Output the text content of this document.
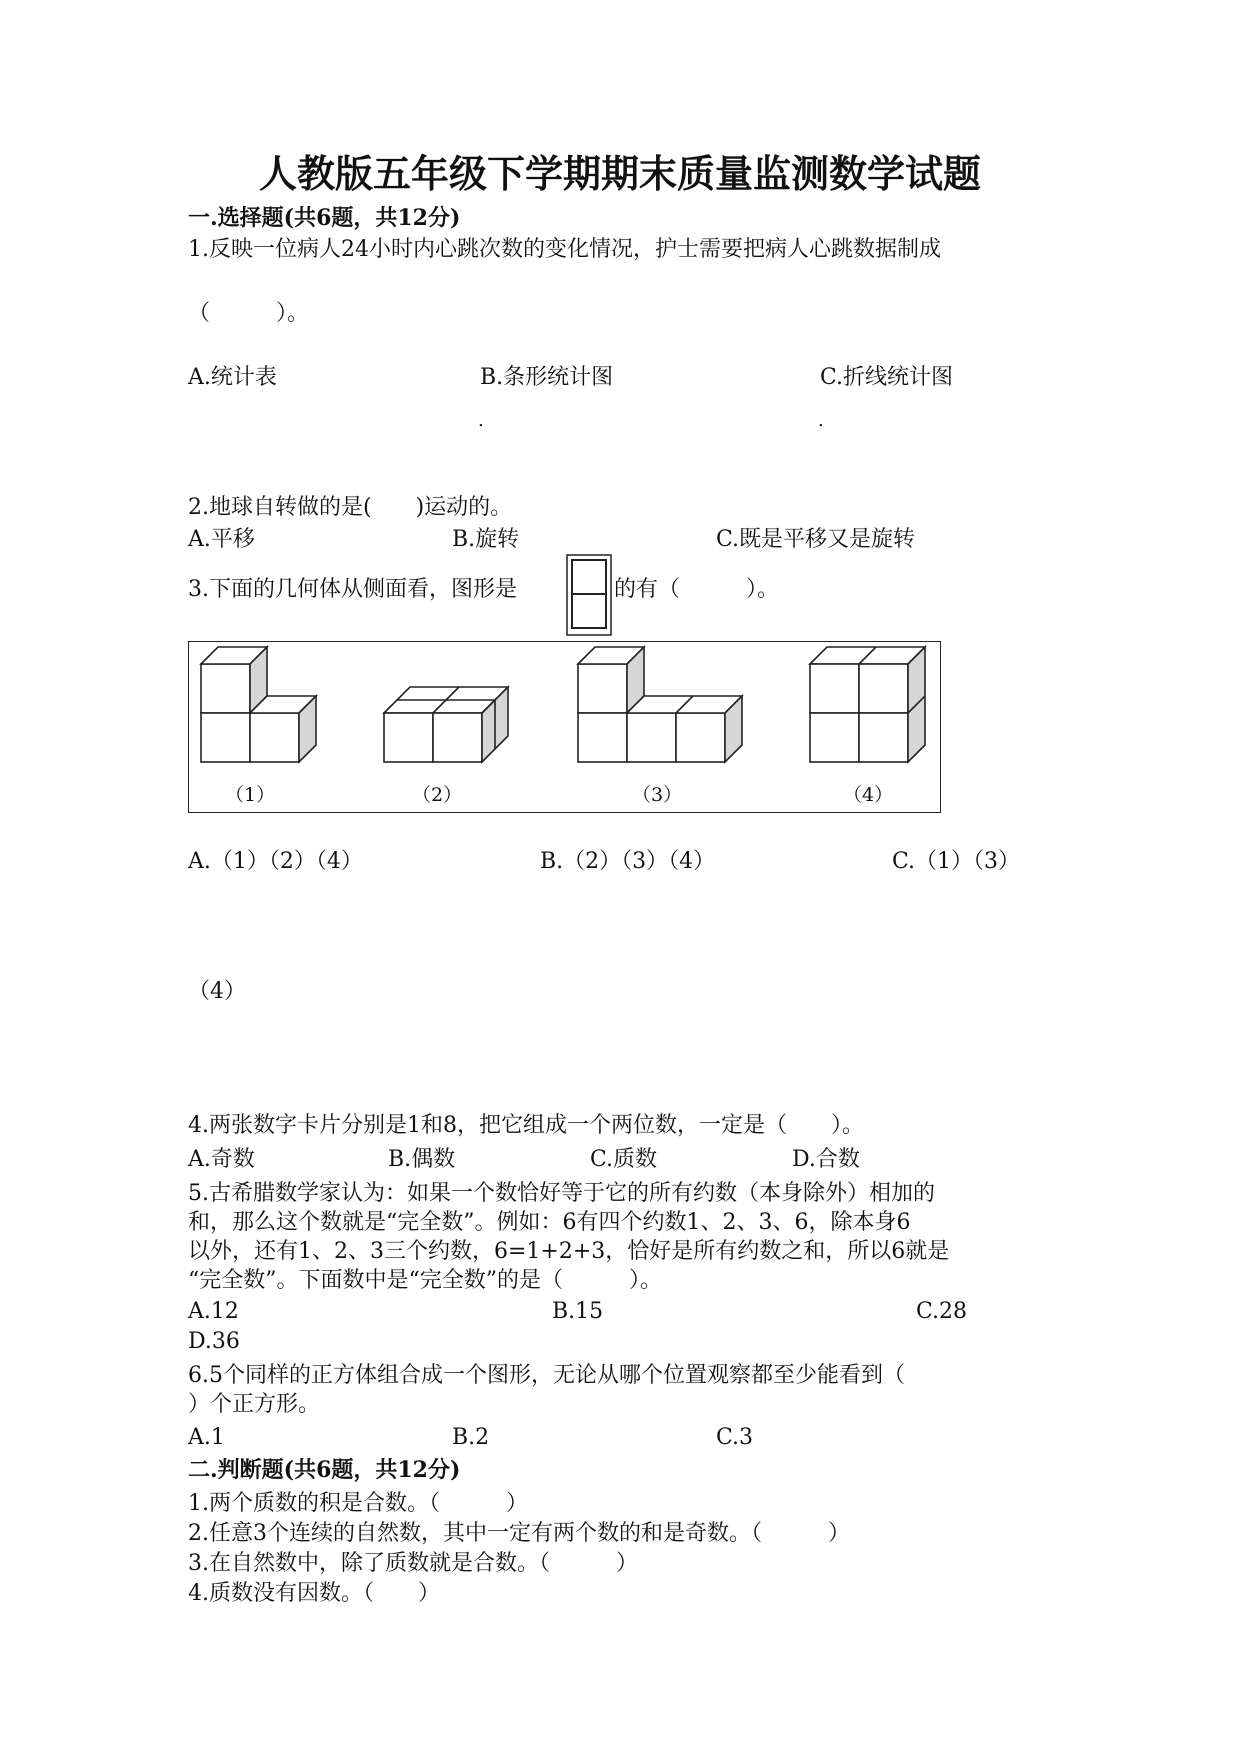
人教版五年级下学期期末质量监测数学试题
一.选择题(共6题，共12分)
1.反映一位病人24小时内心跳次数的变化情况，护士需要把病人心跳数据制成
（　　　）。
A.统计表	B.条形统计图	C.折线统计图
.	.
2.地球自转做的是(　　)运动的。
A.平移	B.旋转	C.既是平移又是旋转
3.下面的几何体从侧面看，图形是	的有（　　　）。
（1）	（2）	（3）	（4）
A.（1）（2）（4）	B.（2）（3）（4）	C.（1）（3）
（4）
4.两张数字卡片分别是1和8，把它组成一个两位数，一定是（　　）。
A.奇数	B.偶数	C.质数	D.合数
5.古希腊数学家认为：如果一个数恰好等于它的所有约数（本身除外）相加的
和，那么这个数就是“完全数”。例如：6有四个约数1、2、3、6，除本身6
以外，还有1、2、3三个约数，6=1+2+3，恰好是所有约数之和，所以6就是
“完全数”。下面数中是“完全数”的是（　　　）。
A.12	B.15	C.28
D.36
6.5个同样的正方体组合成一个图形，无论从哪个位置观察都至少能看到（
）个正方形。
A.1	B.2	C.3
二.判断题(共6题，共12分)
1.两个质数的积是合数。（　　　）
2.任意3个连续的自然数，其中一定有两个数的和是奇数。（　　　）
3.在自然数中，除了质数就是合数。（　　　）
4.质数没有因数。（　　）
